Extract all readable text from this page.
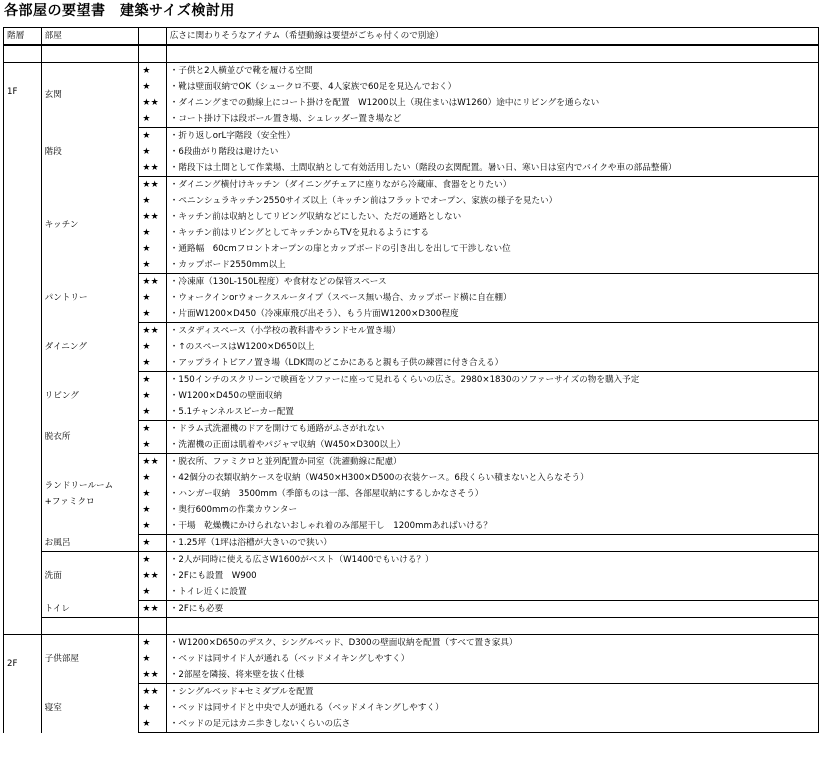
各部屋の要望書　建築サイズ検討用
階層	部屋		広さに関わりそうなアイテム（希望動線は要望がごちゃ付くので別途）

1F	玄関	★	・子供と2人横並びで靴を履ける空間
		★	・靴は壁面収納でOK（シュークロ不要、4人家族で60足を見込んでおく）
		★★	・ダイニングまでの動線上にコート掛けを配置　W1200以上（現住まいはW1260）途中にリビングを通らない
		★	・コート掛け下は段ボール置き場、シュレッダー置き場など
	階段	★	・折り返しorL字階段（安全性）
		★	・6段曲がり階段は避けたい
		★★	・階段下は土間として作業場、土間収納として有効活用したい（階段の玄関配置。暑い日、寒い日は室内でバイクや車の部品整備）
	キッチン	★★	・ダイニング横付けキッチン（ダイニングチェアに座りながら冷蔵庫、食器をとりたい）
		★	・ペニンシュラキッチン2550サイズ以上（キッチン前はフラットでオープン、家族の様子を見たい）
		★★	・キッチン前は収納としてリビング収納などにしたい、ただの通路としない
		★	・キッチン前はリビングとしてキッチンからTVを見れるようにする
		★	・通路幅　60cmフロントオープンの扉とカップボードの引き出しを出して干渉しない位
		★	・カップボード2550mm以上
	パントリー	★★	・冷凍庫（130L-150L程度）や食材などの保管スペース
		★	・ウォークインorウォークスルータイプ（スペース無い場合、カップボード横に自在棚）
		★	・片面W1200×D450（冷凍庫飛び出そう）、もう片面W1200×D300程度
	ダイニング	★★	・スタディスペース（小学校の教科書やランドセル置き場）
		★	・↑のスペースはW1200×D650以上
		★	・アップライトピアノ置き場（LDK間のどこかにあると親も子供の練習に付き合える）
	リビング	★	・150インチのスクリーンで映画をソファーに座って見れるくらいの広さ。2980×1830のソファーサイズの物を購入予定
		★	・W1200×D450の壁面収納
		★	・5.1チャンネルスピーカー配置
	脱衣所	★	・ドラム式洗濯機のドアを開けても通路がふさがれない
		★	・洗濯機の正面は肌着やパジャマ収納（W450×D300以上）
	ランドリールーム
+ファミクロ	★★	・脱衣所、ファミクロと並列配置か同室（洗濯動線に配慮）
		★	・42個分の衣類収納ケースを収納（W450×H300×D500の衣装ケース。6段くらい積まないと入らなそう）
		★	・ハンガー収納　3500mm（季節ものは一部、各部屋収納にするしかなさそう）
		★	・奥行600mmの作業カウンター
		★	・干場　乾燥機にかけられないおしゃれ着のみ部屋干し　1200mmあればいける？
	お風呂	★	・1.25坪（1坪は浴槽が大きいので狭い）
	洗面	★	・2人が同時に使える広さW1600がベスト（W1400でもいける？）
		★★	・2Fにも設置　W900
		★	・トイレ近くに設置
	トイレ	★★	・2Fにも必要

2F	子供部屋	★	・W1200×D650のデスク、シングルベッド、D300の壁面収納を配置（すべて置き家具）
		★	・ベッドは同サイド人が通れる（ベッドメイキングしやすく）
		★★	・2部屋を隣接、将来壁を抜く仕様
	寝室	★★	・シングルベッド+セミダブルを配置
		★	・ベッドは同サイドと中央で人が通れる（ベッドメイキングしやすく）
		★	・ベッドの足元はカニ歩きしないくらいの広さ
